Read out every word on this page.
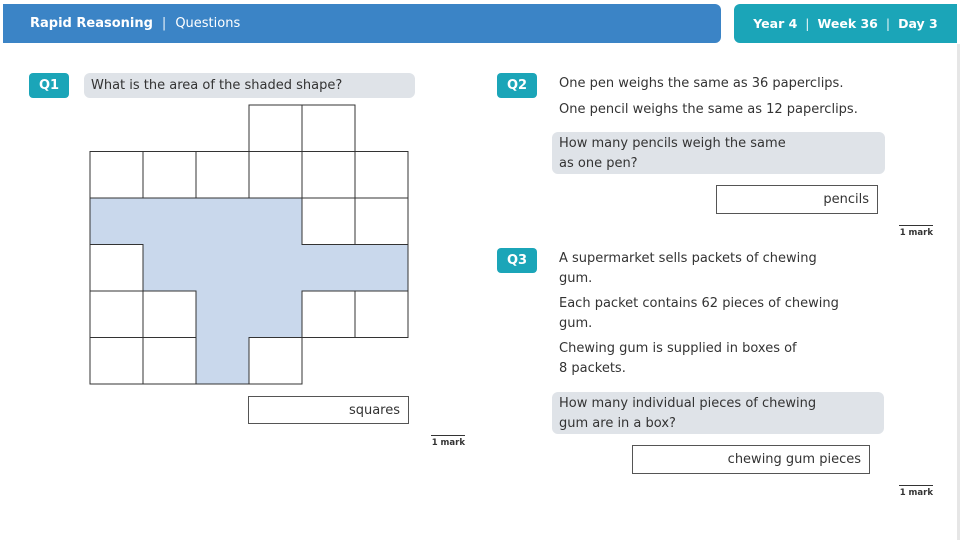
Rapid Reasoning | Questions	Year 4 | Week 36 | Day 3
Q1	What is the area of the shaded shape?
squares
1 mark
Q2	One pen weighs the same as 36 paperclips.
One pencil weighs the same as 12 paperclips.
How many pencils weigh the same
as one pen?
pencils
1 mark
Q3	A supermarket sells packets of chewing
gum.
Each packet contains 62 pieces of chewing
gum.
Chewing gum is supplied in boxes of
8 packets.
How many individual pieces of chewing
gum are in a box?
chewing gum pieces
1 mark
